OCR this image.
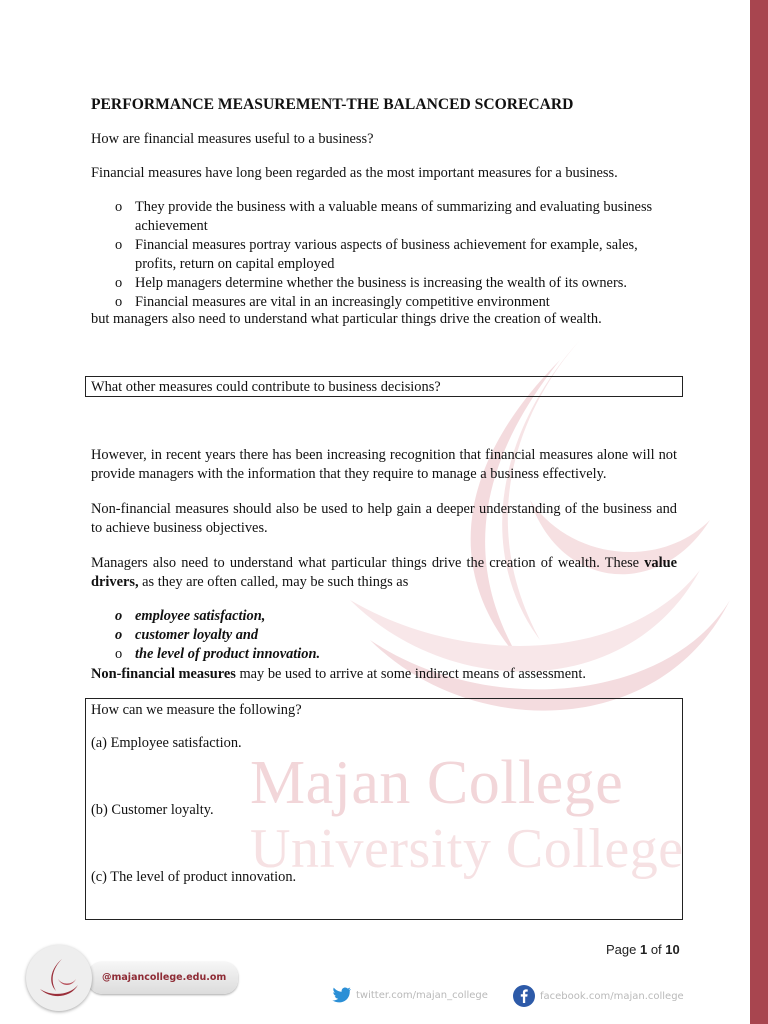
Majan College
University College
PERFORMANCE MEASUREMENT-THE BALANCED SCORECARD
How are financial measures useful to a business?
Financial measures have long been regarded as the most important measures for a business.
o They provide the business with a valuable means of summarizing and evaluating business achievement
o Financial measures portray various aspects of business achievement for example, sales, profits, return on capital employed
o Help managers determine whether the business is increasing the wealth of its owners.
o Financial measures are vital in an increasingly competitive environment
but managers also need to understand what particular things drive the creation of wealth.
However, in recent years there has been increasing recognition that financial measures alone will not provide managers with the information that they require to manage a business effectively.
Non-financial measures should also be used to help gain a deeper understanding of the business and to achieve business objectives.
Managers also need to understand what particular things drive the creation of wealth. These value drivers, as they are often called, may be such things as
o employee satisfaction,
o customer loyalty and
o the level of product innovation.
Non-financial measures may be used to arrive at some indirect means of assessment.
What other measures could contribute to business decisions?
How can we measure the following?
(a) Employee satisfaction.
(b) Customer loyalty.
(c) The level of product innovation.
Page 1 of 10
@majancollege.edu.om
twitter.com/majan_college	facebook.com/majan.college
